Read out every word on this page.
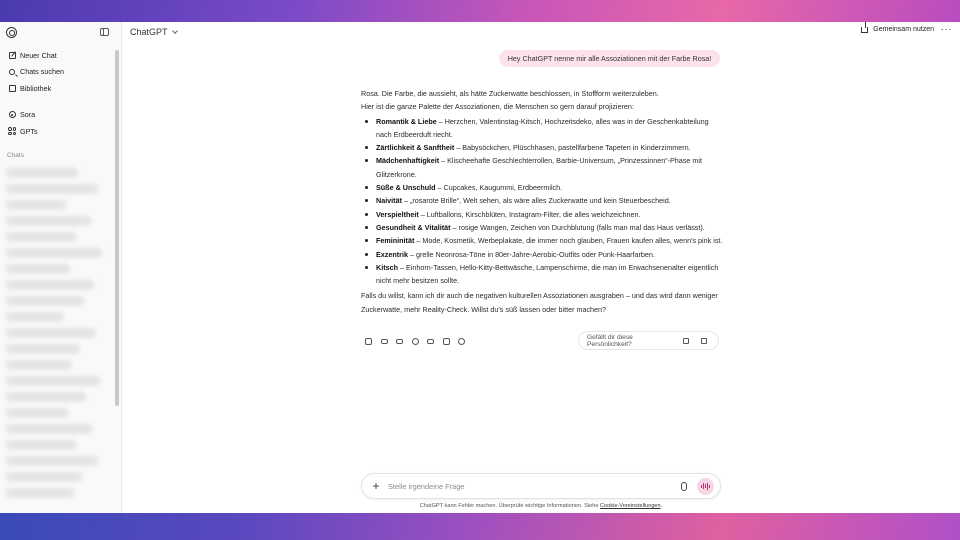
Neuer Chat
Chats suchen
Bibliothek
Sora
GPTs
Chats
ChatGPT	Gemeinsam nutzen ···
Hey ChatGPT nenne mir alle Assoziationen mit der Farbe Rosa!

Rosa. Die Farbe, die aussieht, als hätte Zuckerwatte beschlossen, in Stoffform weiterzuleben.

Hier ist die ganze Palette der Assoziationen, die Menschen so gern darauf projizieren:

Romantik & Liebe – Herzchen, Valentinstag-Kitsch, Hochzeitsdeko, alles was in der Geschenkabteilung nach Erdbeerduft riecht.
Zärtlichkeit & Sanftheit – Babysöckchen, Plüschhasen, pastellfarbene Tapeten in Kinderzimmern.
Mädchenhaftigkeit – Klischeehafte Geschlechterrollen, Barbie-Universum, „Prinzessinnen“-Phase mit Glitzerkrone.
Süße & Unschuld – Cupcakes, Kaugummi, Erdbeermilch.
Naivität – „rosarote Brille“, Welt sehen, als wäre alles Zuckerwatte und kein Steuerbescheid.
Verspieltheit – Luftballons, Kirschblüten, Instagram-Filter, die alles weichzeichnen.
Gesundheit & Vitalität – rosige Wangen, Zeichen von Durchblutung (falls man mal das Haus verlässt).
Femininität – Mode, Kosmetik, Werbeplakate, die immer noch glauben, Frauen kaufen alles, wenn's pink ist.
Exzentrik – grelle Neonrosa-Töne in 80er-Jahre-Aerobic-Outfits oder Punk-Haarfarben.
Kitsch – Einhorn-Tassen, Hello-Kitty-Bettwäsche, Lampenschirme, die man im Erwachsenenalter eigentlich nicht mehr besitzen sollte.

Falls du willst, kann ich dir auch die negativen kulturellen Assoziationen ausgraben – und das wird dann weniger Zuckerwatte, mehr Reality-Check. Willst du's süß lassen oder bitter machen?

Gefällt dir diese Persönlichkeit?
+
Stelle irgendeine Frage
ChatGPT kann Fehler machen. Überprüfe wichtige Informationen. Siehe Cookie-Voreinstellungen.
